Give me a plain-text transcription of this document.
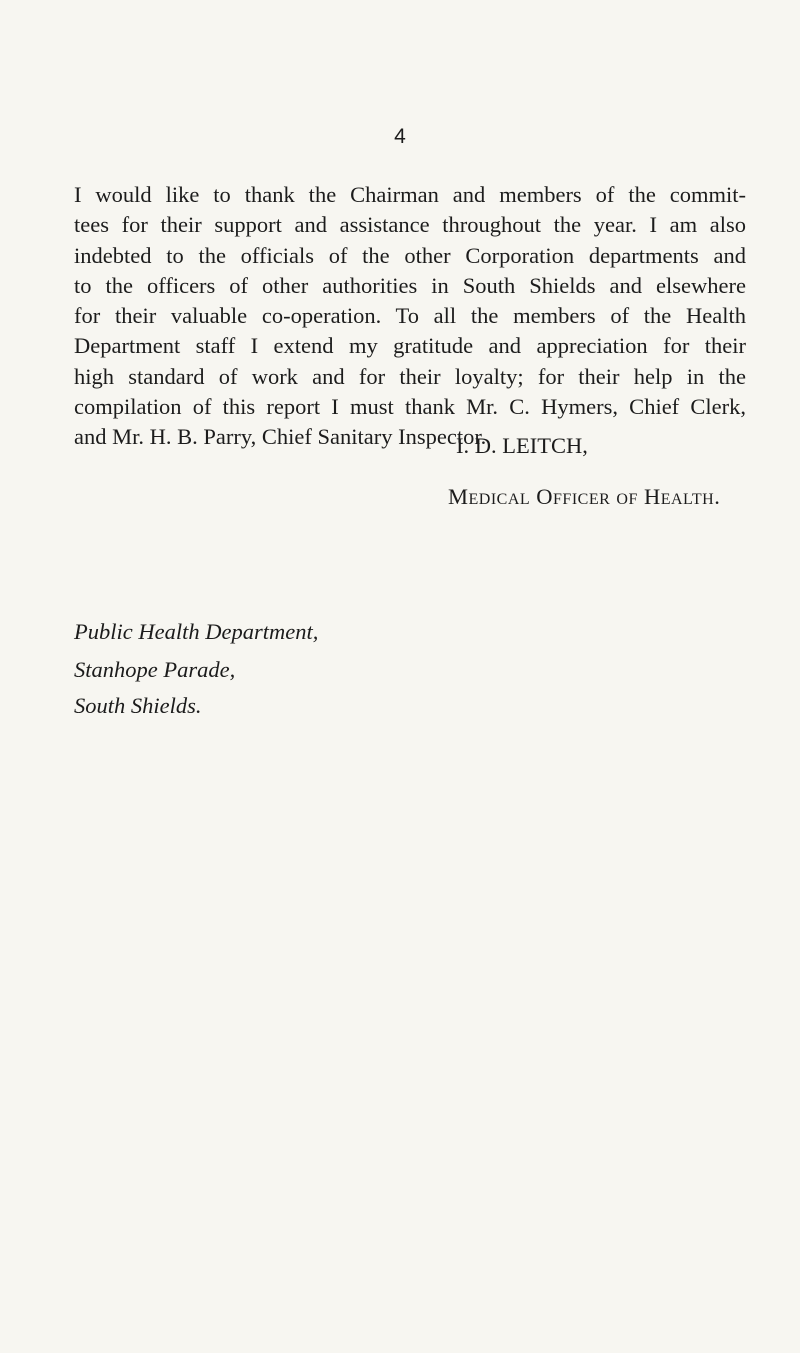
4

I would like to thank the Chairman and members of the commit-
tees for their support and assistance throughout the year. I am also
indebted to the officials of the other Corporation departments and
to the officers of other authorities in South Shields and elsewhere
for their valuable co-operation. To all the members of the Health
Department staff I extend my gratitude and appreciation for their
high standard of work and for their loyalty; for their help in the
compilation of this report I must thank Mr. C. Hymers, Chief Clerk,
and Mr. H. B. Parry, Chief Sanitary Inspector.

I. D. LEITCH,
Medical Officer of Health.
Public Health Department,
Stanhope Parade,
South Shields.
